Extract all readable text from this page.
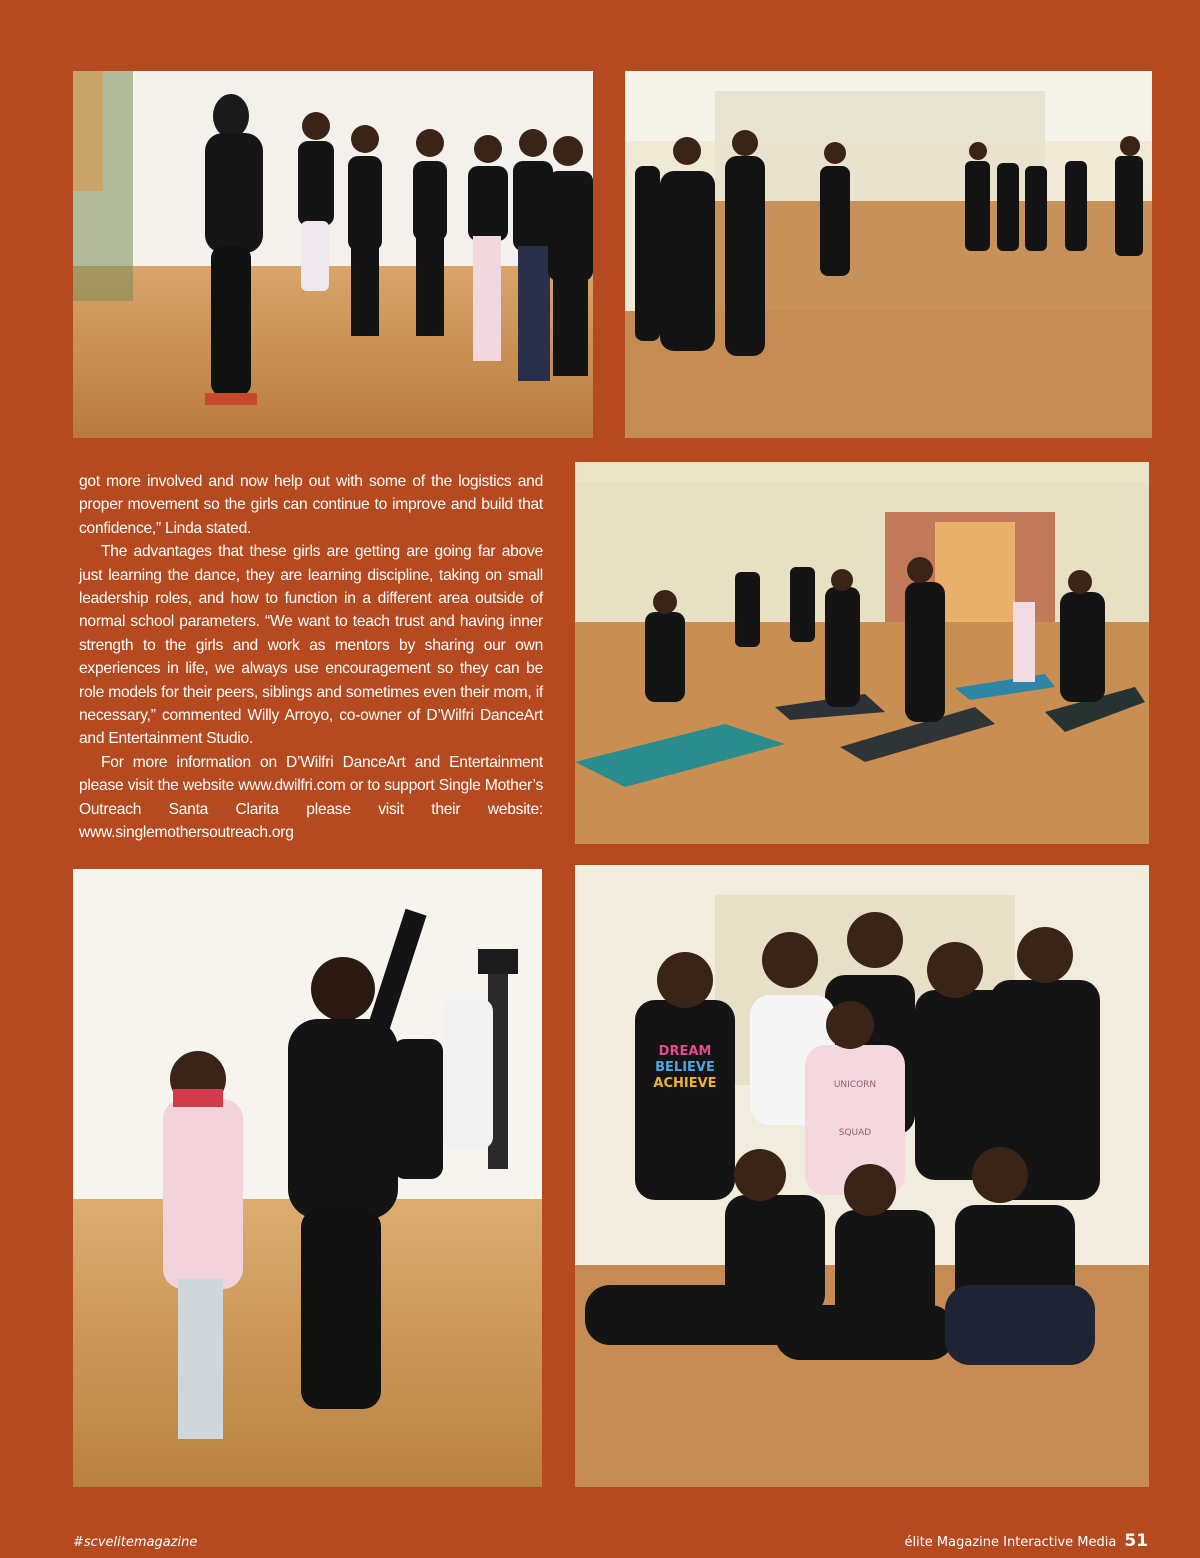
got more involved and now help out with some of the logistics and proper movement so the girls can continue to improve and build that confidence,” Linda stated.

The advantages that these girls are getting are going far above just learning the dance, they are learning discipline, taking on small leadership roles, and how to function in a different area outside of normal school parameters. “We want to teach trust and having inner strength to the girls and work as mentors by sharing our own experiences in life, we always use encouragement so they can be role models for their peers, siblings and sometimes even their mom, if necessary,” commented Willy Arroyo, co-owner of D’Wilfri DanceArt and Entertainment Studio.

For more information on D’Wilfri DanceArt and Entertainment please visit the website www.dwilfri.com or to support Single Mother’s Outreach Santa Clarita please visit their website: www.singlemothersoutreach.org

DREAM
BELIEVE
ACHIEVE	UNICORN
SQUAD
#scvelitemagazine	élite Magazine Interactive Media 51
